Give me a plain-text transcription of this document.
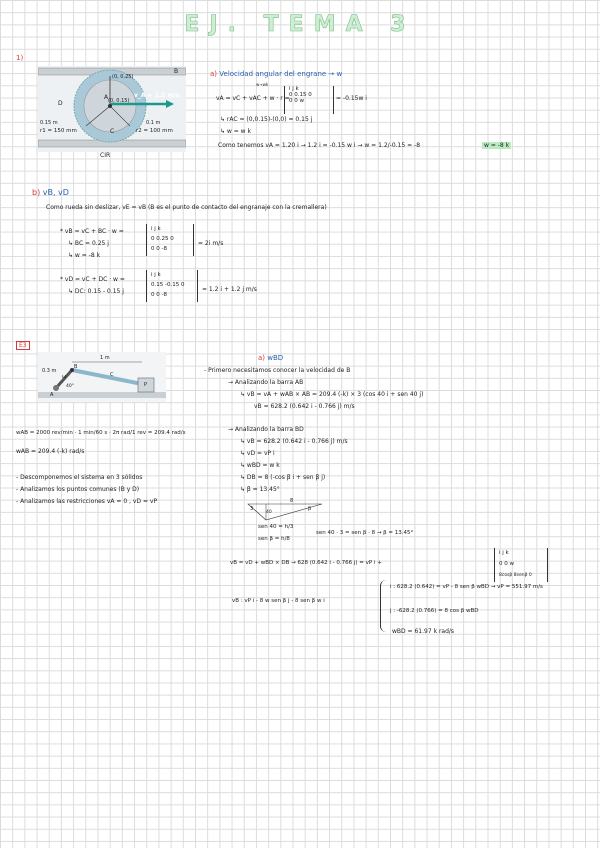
EJ. TEMA 3
1)
B
D
A
C
(0, 0.25)
(0, 0.15)
v_A = 1.2 m/s
0.15 m
r1 = 150 mm
0.1 m
r2 = 100 mm
CIR
a) Velocidad angular del engrane → w
w→wk
vA = vC + vAC + w · r =
i j k
0 0.15 0
0 0 w	= -0.15w i
↳ rAC = (0,0.15)-(0,0) = 0.15 j
↳ w = w k
Como tenemos vA = 1.20 i → 1.2 i = -0.15 w i → w = 1.2/-0.15 = -8	w = -8 k
b) vB, vD
Como rueda sin deslizar, vE = vB (B es el punto de contacto del engranaje con la cremallera)
* vB = vC + BC · w =
↳ BC = 0.25 j
↳ w = -8 k
i j k
0 0.25 0
0 0 -8
= 2i m/s
* vD = vC + DC · w =
↳ DC: 0.15 - 0.15 j
i j k
0.15 -0.15 0
0 0 -8
= 1.2 i + 1.2 j m/s
E3
1 m
0.3 m
A
B
C
P
ω
40°
wAB = 2000 rev/min · 1 min/60 s · 2π rad/1 rev = 209.4 rad/s
wAB = 209.4 (-k) rad/s
- Descomponemos el sistema en 3 sólidos
- Analizamos los puntos comunes (B y D)
- Analizamos las restricciones vA = 0 , vD = vP
a) wBD
- Primero necesitamos conocer la velocidad de B
→ Analizando la barra AB
↳ vB = vA + wAB × AB = 209.4 (-k) × 3 (cos 40 i + sen 40 j)
vB = 628.2 (0.642 i - 0.766 j) m/s
→ Analizando la barra BD
↳ vB = 628.2 (0.642 i - 0.766 j) m/s
↳ vD = vP i
↳ wBD = w k
↳ DB = 8 (-cos β i + sen β j)
↳ β = 13.45°
3
8
40
β
sen 40 = h/3
sen β = h/8
sen 40 · 3 = sen β · 8 → β = 13.45°
vB = vD + wBD × DB → 628 (0.642 i - 0.766 j) = vP i +
i j k
0 0 w
8cosβ 8senβ 0
vB : vP i - 8 w sen β j - 8 sen β w i
i : 628.2 (0.642) = vP - 8 sen β wBD → vP = 551.97 m/s
j : -628.2 (0.766) = 8 cos β wBD
wBD = 61.97 k rad/s
